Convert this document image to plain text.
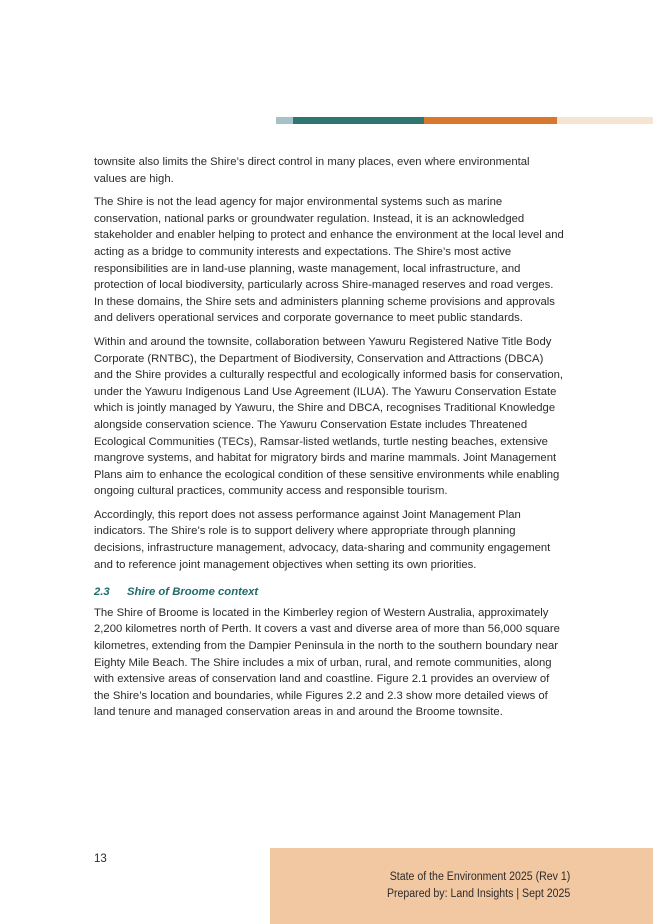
townsite also limits the Shire’s direct control in many places, even where environmental values are high.

The Shire is not the lead agency for major environmental systems such as marine conservation, national parks or groundwater regulation. Instead, it is an acknowledged stakeholder and enabler helping to protect and enhance the environment at the local level and acting as a bridge to community interests and expectations. The Shire’s most active responsibilities are in land-use planning, waste management, local infrastructure, and protection of local biodiversity, particularly across Shire-managed reserves and road verges. In these domains, the Shire sets and administers planning scheme provisions and approvals and delivers operational services and corporate governance to meet public standards.

Within and around the townsite, collaboration between Yawuru Registered Native Title Body Corporate (RNTBC), the Department of Biodiversity, Conservation and Attractions (DBCA) and the Shire provides a culturally respectful and ecologically informed basis for conservation, under the Yawuru Indigenous Land Use Agreement (ILUA). The Yawuru Conservation Estate which is jointly managed by Yawuru, the Shire and DBCA, recognises Traditional Knowledge alongside conservation science. The Yawuru Conservation Estate includes Threatened Ecological Communities (TECs), Ramsar-listed wetlands, turtle nesting beaches, extensive mangrove systems, and habitat for migratory birds and marine mammals. Joint Management Plans aim to enhance the ecological condition of these sensitive environments while enabling ongoing cultural practices, community access and responsible tourism.

Accordingly, this report does not assess performance against Joint Management Plan indicators. The Shire’s role is to support delivery where appropriate through planning decisions, infrastructure management, advocacy, data-sharing and community engagement and to reference joint management objectives when setting its own priorities.

2.3 Shire of Broome context

The Shire of Broome is located in the Kimberley region of Western Australia, approximately 2,200 kilometres north of Perth. It covers a vast and diverse area of more than 56,000 square kilometres, extending from the Dampier Peninsula in the north to the southern boundary near Eighty Mile Beach. The Shire includes a mix of urban, rural, and remote communities, along with extensive areas of conservation land and coastline. Figure 2.1 provides an overview of the Shire’s location and boundaries, while Figures 2.2 and 2.3 show more detailed views of land tenure and managed conservation areas in and around the Broome townsite.

13
State of the Environment 2025 (Rev 1)
Prepared by: Land Insights | Sept 2025
